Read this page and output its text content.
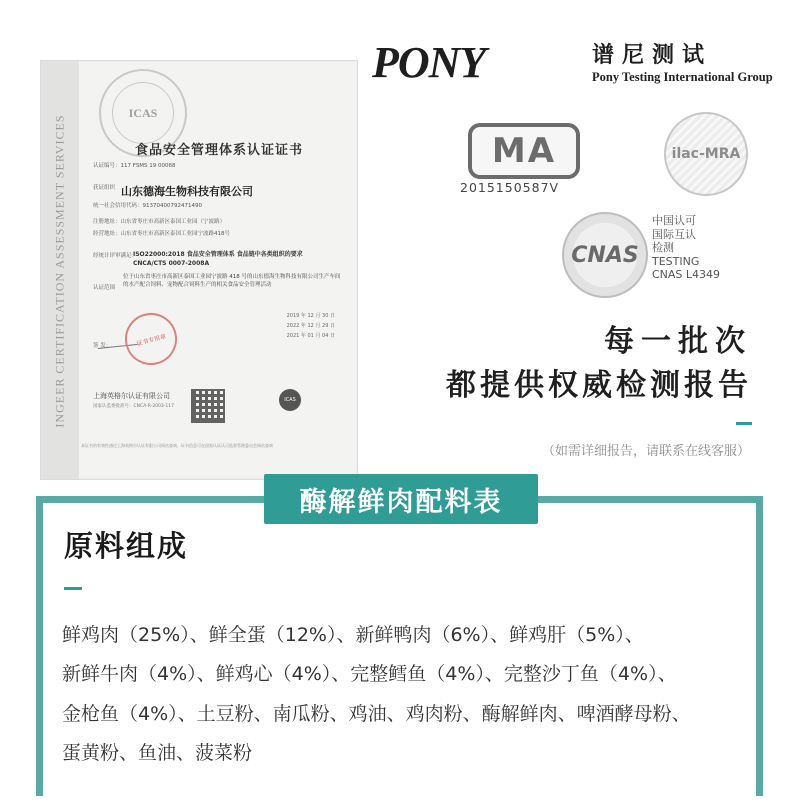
INGEER CERTIFICATION ASSESSMENT SERVICES
ICAS
食品安全管理体系认证证书
认证编号：117 FSMS 19 00068
获证组织 山东德海生物科技有限公司
统一社会信用代码：91370400792471490
注册地址：山东省枣庄市高新区泰国工业园（宁波路）
经营地址：山东省枣庄市高新区泰国工业园宁波路418号
经统计评审满足：
ISO22000:2018 食品安全管理体系 食品链中各类组织的要求
CNCA/CTS 0007-2008A
认证范围
位于山东省枣庄市高新区泰国工业园宁波路 418 号的山东德海生物科技有限公司生产车间的水产配合饲料、宠物配合饲料生产的相关食品安全管理活动
2019 年 12 月 30 日
2022 年 12 月 29 日
2021 年 01 月 04 日
签 发：	证书专用章
上海英格尔认证有限公司
国家认监委批准号：CNCA-R-2003-117
ICAS
本证书的有效性通过上海英格尔认证有限公司网站查询，证书信息可在国家认证认可监督管理委员会网站查询
PONY	谱尼测试
Pony Testing International Group
MA
2015150587V
ilac-MRA
CNAS
中国认可
国际互认
检测
TESTING
CNAS L4349
每一批次
都提供权威检测报告
（如需详细报告，请联系在线客服）
酶解鲜肉配料表
原料组成
鲜鸡肉（25%）、鲜全蛋（12%）、新鲜鸭肉（6%）、鲜鸡肝（5%）、
新鲜牛肉（4%）、鲜鸡心（4%）、完整鳕鱼（4%）、完整沙丁鱼（4%）、
金枪鱼（4%）、土豆粉、南瓜粉、鸡油、鸡肉粉、酶解鲜肉、啤酒酵母粉、
蛋黄粉、鱼油、菠菜粉
